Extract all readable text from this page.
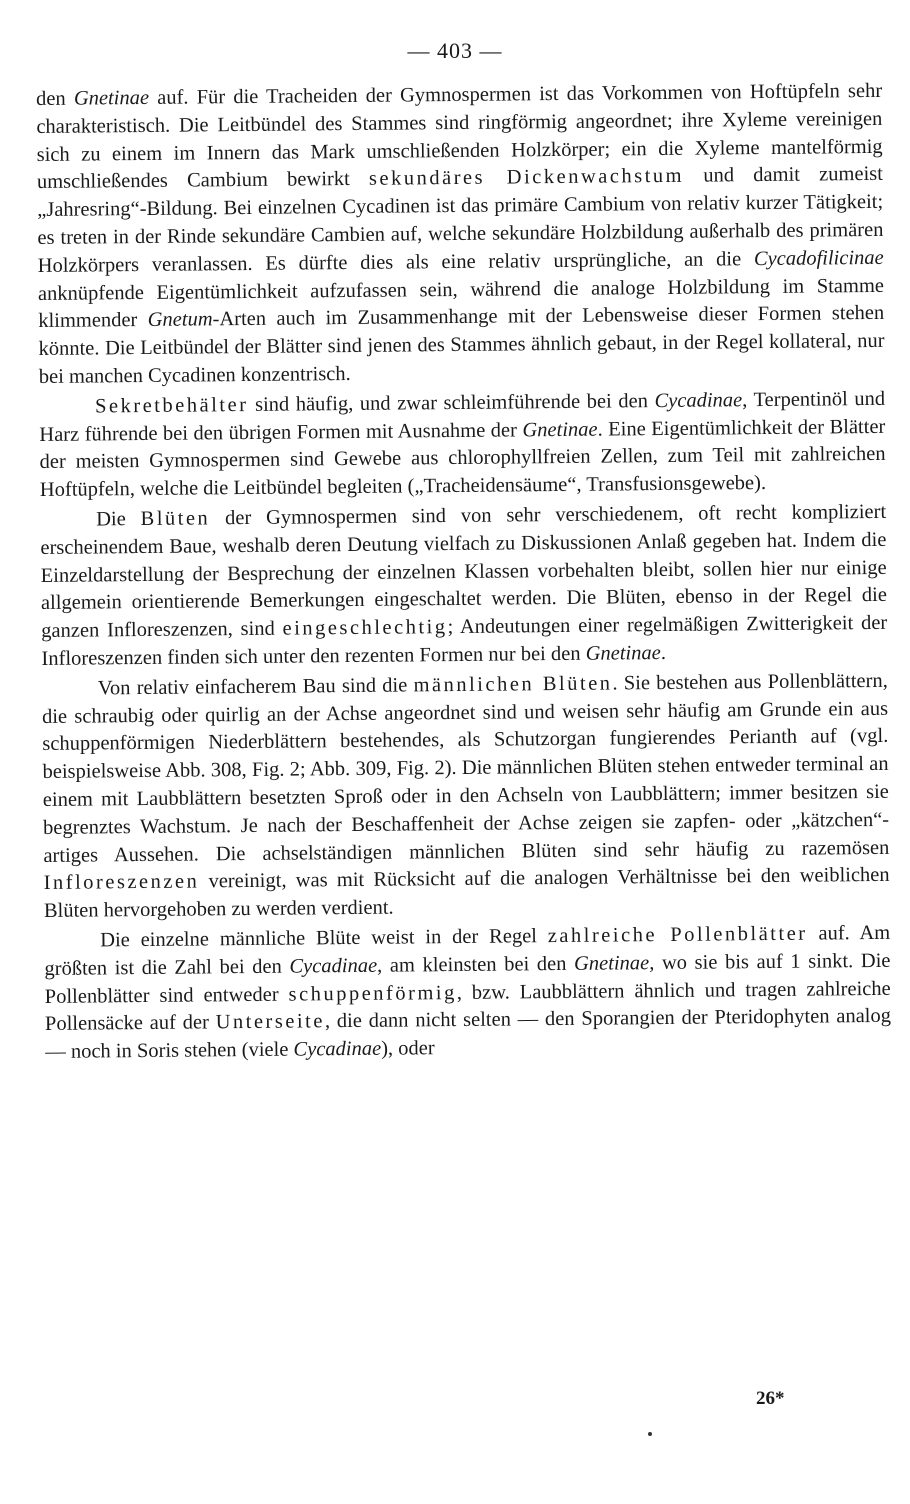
— 403 —

den Gnetinae auf. Für die Tracheiden der Gymnospermen ist das Vorkommen von Hoftüpfeln sehr charakteristisch. Die Leitbündel des Stammes sind ringförmig angeordnet; ihre Xyleme vereinigen sich zu einem im Innern das Mark umschließenden Holzkörper; ein die Xyleme mantelförmig umschließendes Cambium bewirkt sekundäres Dickenwachstum und damit zumeist „Jahresring“-Bildung. Bei einzelnen Cycadinen ist das primäre Cambium von relativ kurzer Tätigkeit; es treten in der Rinde sekundäre Cambien auf, welche sekundäre Holzbildung außerhalb des primären Holzkörpers veranlassen. Es dürfte dies als eine relativ ursprüngliche, an die Cycadofilicinae anknüpfende Eigentümlichkeit aufzufassen sein, während die analoge Holzbildung im Stamme klimmender Gnetum-Arten auch im Zusammenhange mit der Lebensweise dieser Formen stehen könnte. Die Leitbündel der Blätter sind jenen des Stammes ähnlich gebaut, in der Regel kollateral, nur bei manchen Cycadinen konzentrisch.

Sekretbehälter sind häufig, und zwar schleimführende bei den Cycadinae, Terpentinöl und Harz führende bei den übrigen Formen mit Ausnahme der Gnetinae. Eine Eigentümlichkeit der Blätter der meisten Gymnospermen sind Gewebe aus chlorophyllfreien Zellen, zum Teil mit zahlreichen Hoftüpfeln, welche die Leitbündel begleiten („Tracheidensäume“, Transfusionsgewebe).

Die Blüten der Gymnospermen sind von sehr verschiedenem, oft recht kompliziert erscheinendem Baue, weshalb deren Deutung vielfach zu Diskussionen Anlaß gegeben hat. Indem die Einzeldarstellung der Besprechung der einzelnen Klassen vorbehalten bleibt, sollen hier nur einige allgemein orientierende Bemerkungen eingeschaltet werden. Die Blüten, ebenso in der Regel die ganzen Infloreszenzen, sind eingeschlechtig; Andeutungen einer regelmäßigen Zwitterigkeit der Infloreszenzen finden sich unter den rezenten Formen nur bei den Gnetinae.

Von relativ einfacherem Bau sind die männlichen Blüten. Sie bestehen aus Pollenblättern, die schraubig oder quirlig an der Achse angeordnet sind und weisen sehr häufig am Grunde ein aus schuppenförmigen Niederblättern bestehendes, als Schutzorgan fungierendes Perianth auf (vgl. beispielsweise Abb. 308, Fig. 2; Abb. 309, Fig. 2). Die männlichen Blüten stehen entweder terminal an einem mit Laubblättern besetzten Sproß oder in den Achseln von Laubblättern; immer besitzen sie begrenztes Wachstum. Je nach der Beschaffenheit der Achse zeigen sie zapfen- oder „kätzchen“-artiges Aussehen. Die achselständigen männlichen Blüten sind sehr häufig zu razemösen Infloreszenzen vereinigt, was mit Rücksicht auf die analogen Verhältnisse bei den weiblichen Blüten hervorgehoben zu werden verdient.

Die einzelne männliche Blüte weist in der Regel zahlreiche Pollenblätter auf. Am größten ist die Zahl bei den Cycadinae, am kleinsten bei den Gnetinae, wo sie bis auf 1 sinkt. Die Pollenblätter sind entweder schuppenförmig, bzw. Laubblättern ähnlich und tragen zahlreiche Pollensäcke auf der Unterseite, die dann nicht selten — den Sporangien der Pteridophyten analog — noch in Soris stehen (viele Cycadinae), oder

26*
